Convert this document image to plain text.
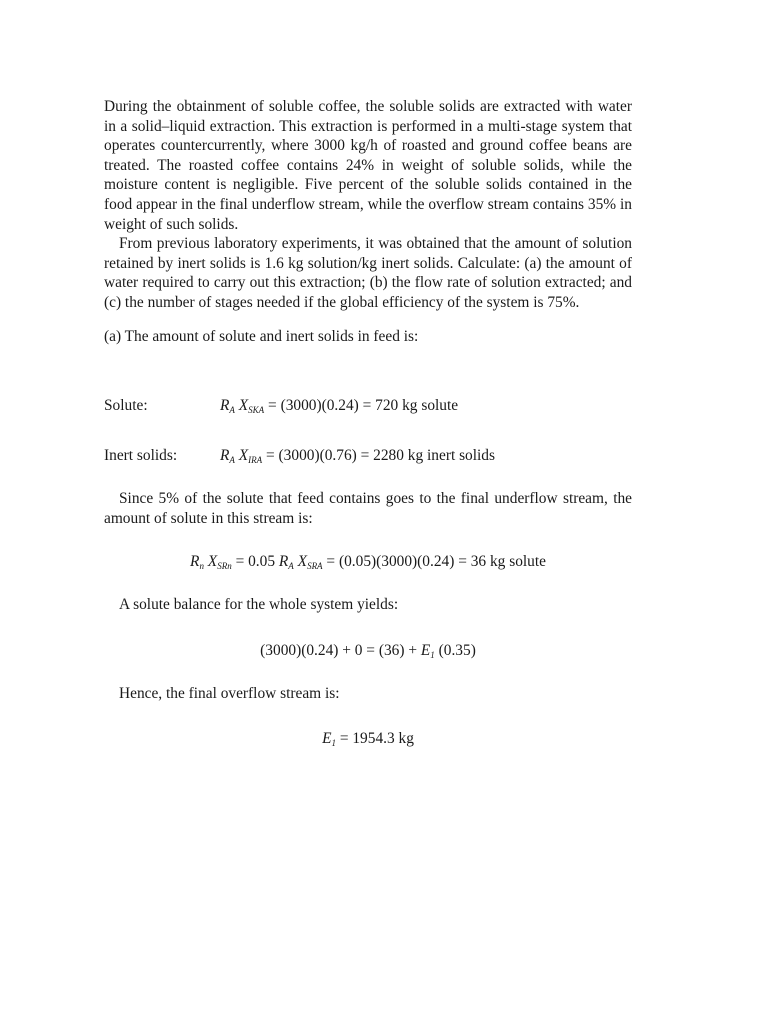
During the obtainment of soluble coffee, the soluble solids are extracted with water in a solid–liquid extraction. This extraction is performed in a multi-stage system that operates countercurrently, where 3000 kg/h of roasted and ground coffee beans are treated. The roasted coffee contains 24% in weight of soluble solids, while the moisture content is negligible. Five percent of the soluble solids contained in the food appear in the final underflow stream, while the overflow stream contains 35% in weight of such solids.

From previous laboratory experiments, it was obtained that the amount of solution retained by inert solids is 1.6 kg solution/kg inert solids. Calculate: (a) the amount of water required to carry out this extraction; (b) the flow rate of solution extracted; and (c) the number of stages needed if the global efficiency of the system is 75%.

(a) The amount of solute and inert solids in feed is:

Solute:	$R_A$ $X_{SKA} = (3000)(0.24) = 720$ kg solute
Inert solids:	$R_A$ $X_{IRA} = (3000)(0.76) = 2280$ kg inert solids
Since 5% of the solute that feed contains goes to the final underflow stream, the amount of solute in this stream is:
$R_n$ $X_{SRn} = 0.05$ $R_A$ $X_{SRA} = (0.05)(3000)(0.24) = 36$ kg solute
A solute balance for the whole system yields:
$(3000)(0.24) + 0 = (36) + E_1$ (0.35)
Hence, the final overflow stream is:
$E_1 = 1954.3$ kg
